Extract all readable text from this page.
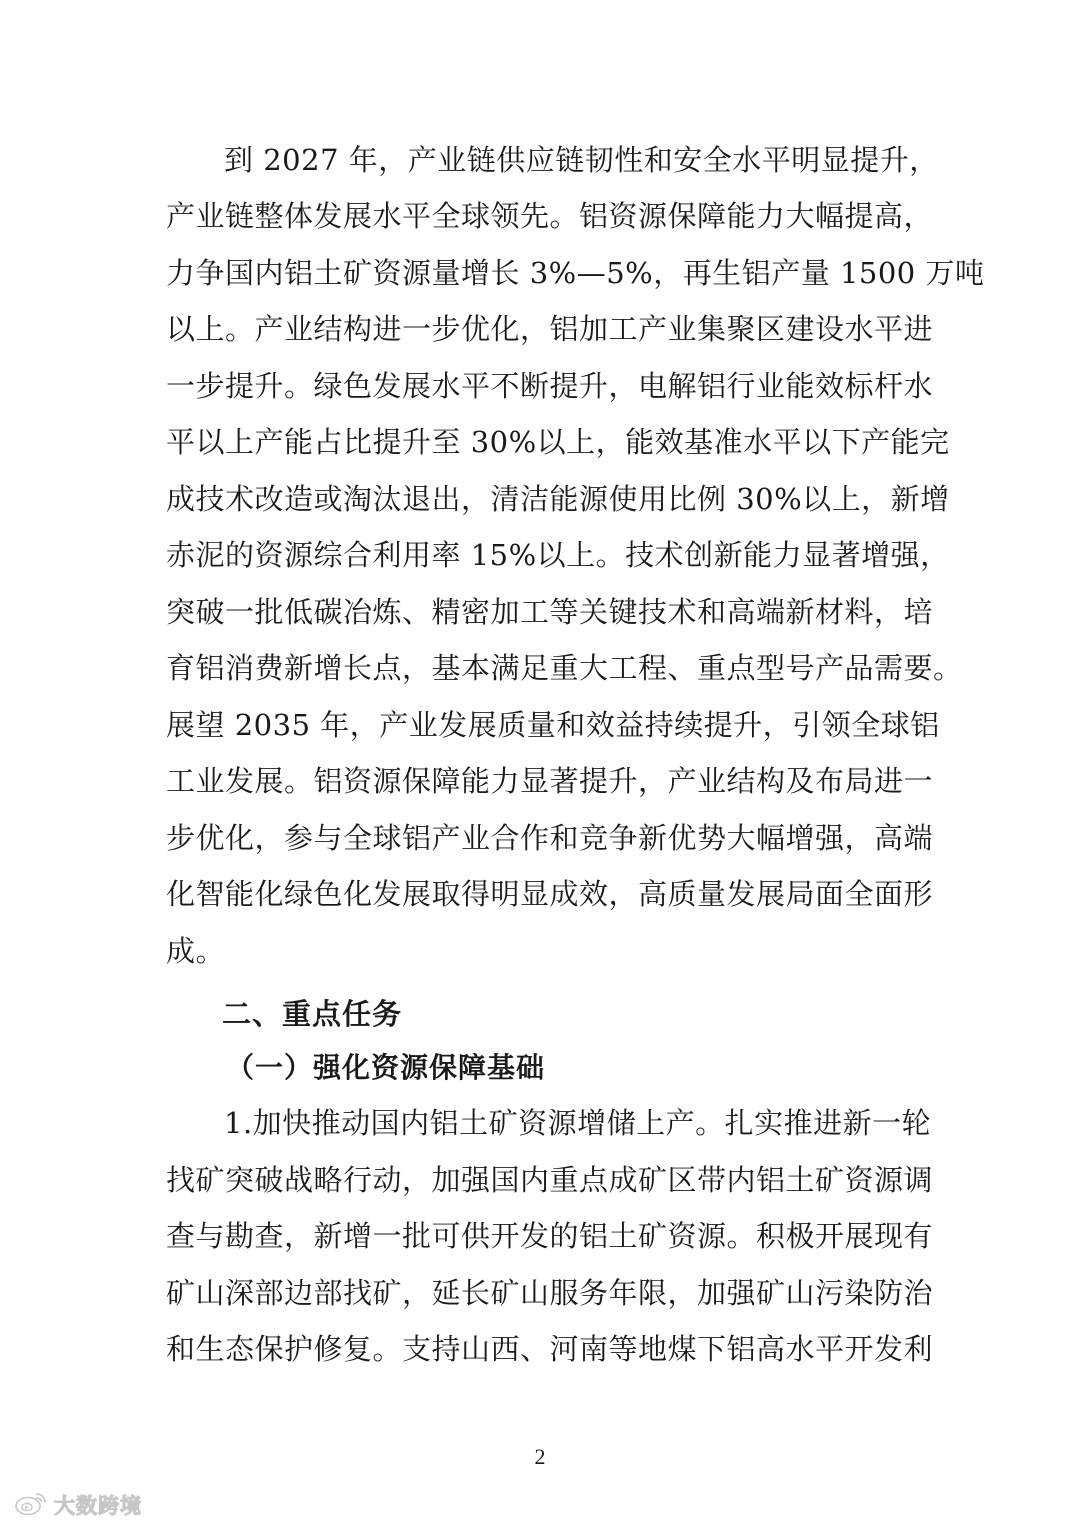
到 2027 年，产业链供应链韧性和安全水平明显提升，
产业链整体发展水平全球领先。铝资源保障能力大幅提高，
力争国内铝土矿资源量增长 3%—5%，再生铝产量 1500 万吨
以上。产业结构进一步优化，铝加工产业集聚区建设水平进
一步提升。绿色发展水平不断提升，电解铝行业能效标杆水
平以上产能占比提升至 30%以上，能效基准水平以下产能完
成技术改造或淘汰退出，清洁能源使用比例 30%以上，新增
赤泥的资源综合利用率 15%以上。技术创新能力显著增强，
突破一批低碳冶炼、精密加工等关键技术和高端新材料，培
育铝消费新增长点，基本满足重大工程、重点型号产品需要。
展望 2035 年，产业发展质量和效益持续提升，引领全球铝
工业发展。铝资源保障能力显著提升，产业结构及布局进一
步优化，参与全球铝产业合作和竞争新优势大幅增强，高端
化智能化绿色化发展取得明显成效，高质量发展局面全面形
成。
二、重点任务
（一）强化资源保障基础
1.加快推动国内铝土矿资源增储上产。扎实推进新一轮
找矿突破战略行动，加强国内重点成矿区带内铝土矿资源调
查与勘查，新增一批可供开发的铝土矿资源。积极开展现有
矿山深部边部找矿，延长矿山服务年限，加强矿山污染防治
和生态保护修复。支持山西、河南等地煤下铝高水平开发利
2
大数跨境
